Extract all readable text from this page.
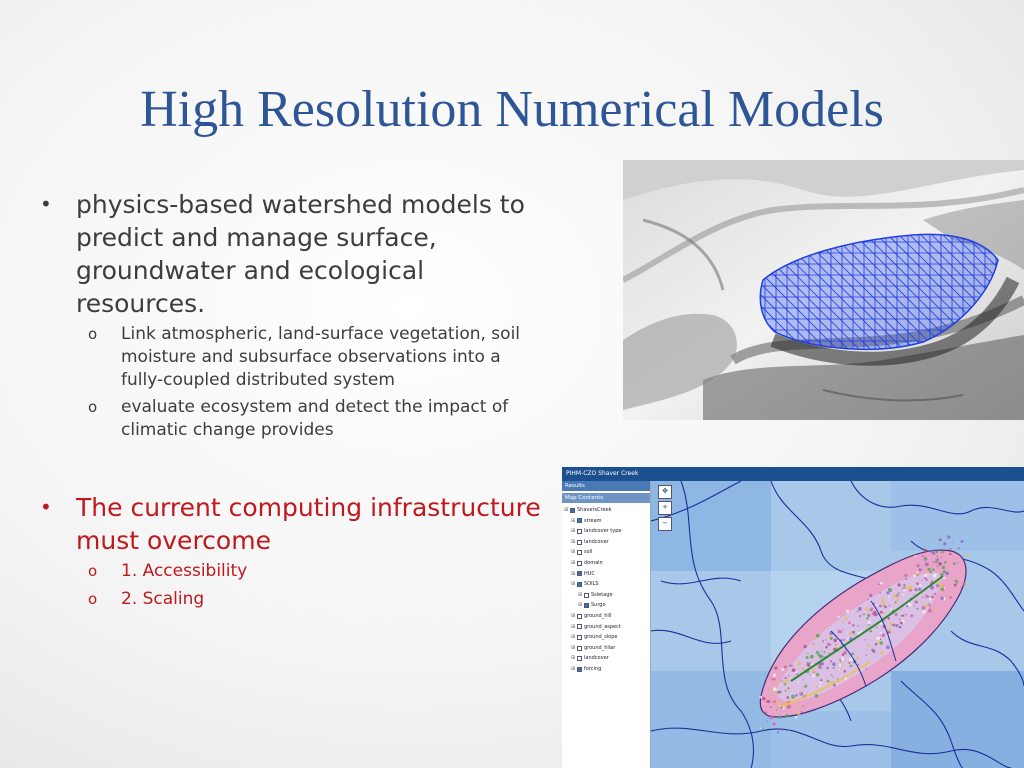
High Resolution Numerical Models
• physics-based watershed models to predict and manage surface, groundwater and ecological resources.
o Link atmospheric, land-surface vegetation, soil moisture and subsurface observations into a fully-coupled distributed system
o evaluate ecosystem and detect the impact of climatic change provides
• The current computing infrastructure must overcome
o 1. Accessibility
o 2. Scaling
PIHM-CZO Shaver Creek
Results
Map Contents
⊞ ShaversCreek
⊞ stream
⊞ landcover type
⊞ landcover
⊞ soil
⊞ domain
⊞ HUC
⊞ SOILS
⊞ Ssletage
⊞ Surgo
⊞ ground_hill
⊞ ground_aspect
⊞ ground_slope
⊞ ground_hilar
⊞ landcover
⊞ forcing
✥
+
−
